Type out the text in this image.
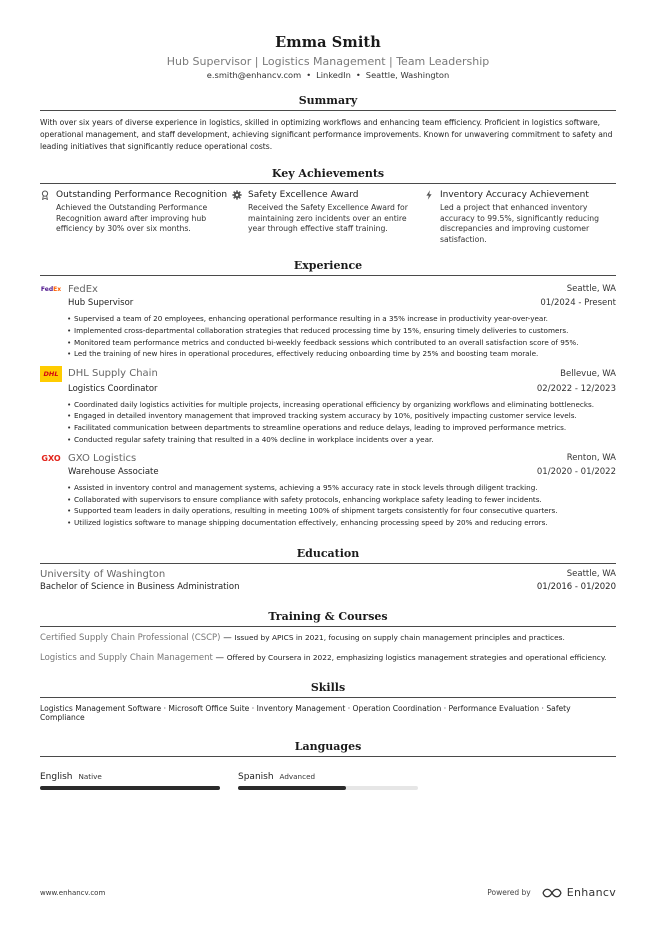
Emma Smith
Hub Supervisor | Logistics Management | Team Leadership
e.smith@enhancv.com • LinkedIn • Seattle, Washington
Summary
With over six years of diverse experience in logistics, skilled in optimizing workflows and enhancing team efficiency. Proficient in logistics software, operational management, and staff development, achieving significant performance improvements. Known for unwavering commitment to safety and leading initiatives that significantly reduce operational costs.
Key Achievements
Outstanding Performance Recognition
Achieved the Outstanding Performance Recognition award after improving hub efficiency by 30% over six months.
Safety Excellence Award
Received the Safety Excellence Award for maintaining zero incidents over an entire year through effective staff training.
Inventory Accuracy Achievement
Led a project that enhanced inventory accuracy to 99.5%, significantly reducing discrepancies and improving customer satisfaction.
Experience
Fed Ex FedEx	Seattle, WA
Hub Supervisor	01/2024 - Present
• Supervised a team of 20 employees, enhancing operational performance resulting in a 35% increase in productivity year-over-year.
• Implemented cross-departmental collaboration strategies that reduced processing time by 15%, ensuring timely deliveries to customers.
• Monitored team performance metrics and conducted bi-weekly feedback sessions which contributed to an overall satisfaction score of 95%.
• Led the training of new hires in operational procedures, effectively reducing onboarding time by 25% and boosting team morale.
DHL DHL Supply Chain	Bellevue, WA
Logistics Coordinator	02/2022 - 12/2023
• Coordinated daily logistics activities for multiple projects, increasing operational efficiency by organizing workflows and eliminating bottlenecks.
• Engaged in detailed inventory management that improved tracking system accuracy by 10%, positively impacting customer service levels.
• Facilitated communication between departments to streamline operations and reduce delays, leading to improved performance metrics.
• Conducted regular safety training that resulted in a 40% decline in workplace incidents over a year.
GXO GXO Logistics	Renton, WA
Warehouse Associate	01/2020 - 01/2022
• Assisted in inventory control and management systems, achieving a 95% accuracy rate in stock levels through diligent tracking.
• Collaborated with supervisors to ensure compliance with safety protocols, enhancing workplace safety leading to fewer incidents.
• Supported team leaders in daily operations, resulting in meeting 100% of shipment targets consistently for four consecutive quarters.
• Utilized logistics software to manage shipping documentation effectively, enhancing processing speed by 20% and reducing errors.
Education
University of Washington	Seattle, WA
Bachelor of Science in Business Administration	01/2016 - 01/2020
Training & Courses
Certified Supply Chain Professional (CSCP) — Issued by APICS in 2021, focusing on supply chain management principles and practices.
Logistics and Supply Chain Management — Offered by Coursera in 2022, emphasizing logistics management strategies and operational efficiency.
Skills
Logistics Management Software · Microsoft Office Suite · Inventory Management · Operation Coordination · Performance Evaluation · Safety Compliance
Languages
English Native	Spanish Advanced
www.enhancv.com	Powered by	Enhancv
